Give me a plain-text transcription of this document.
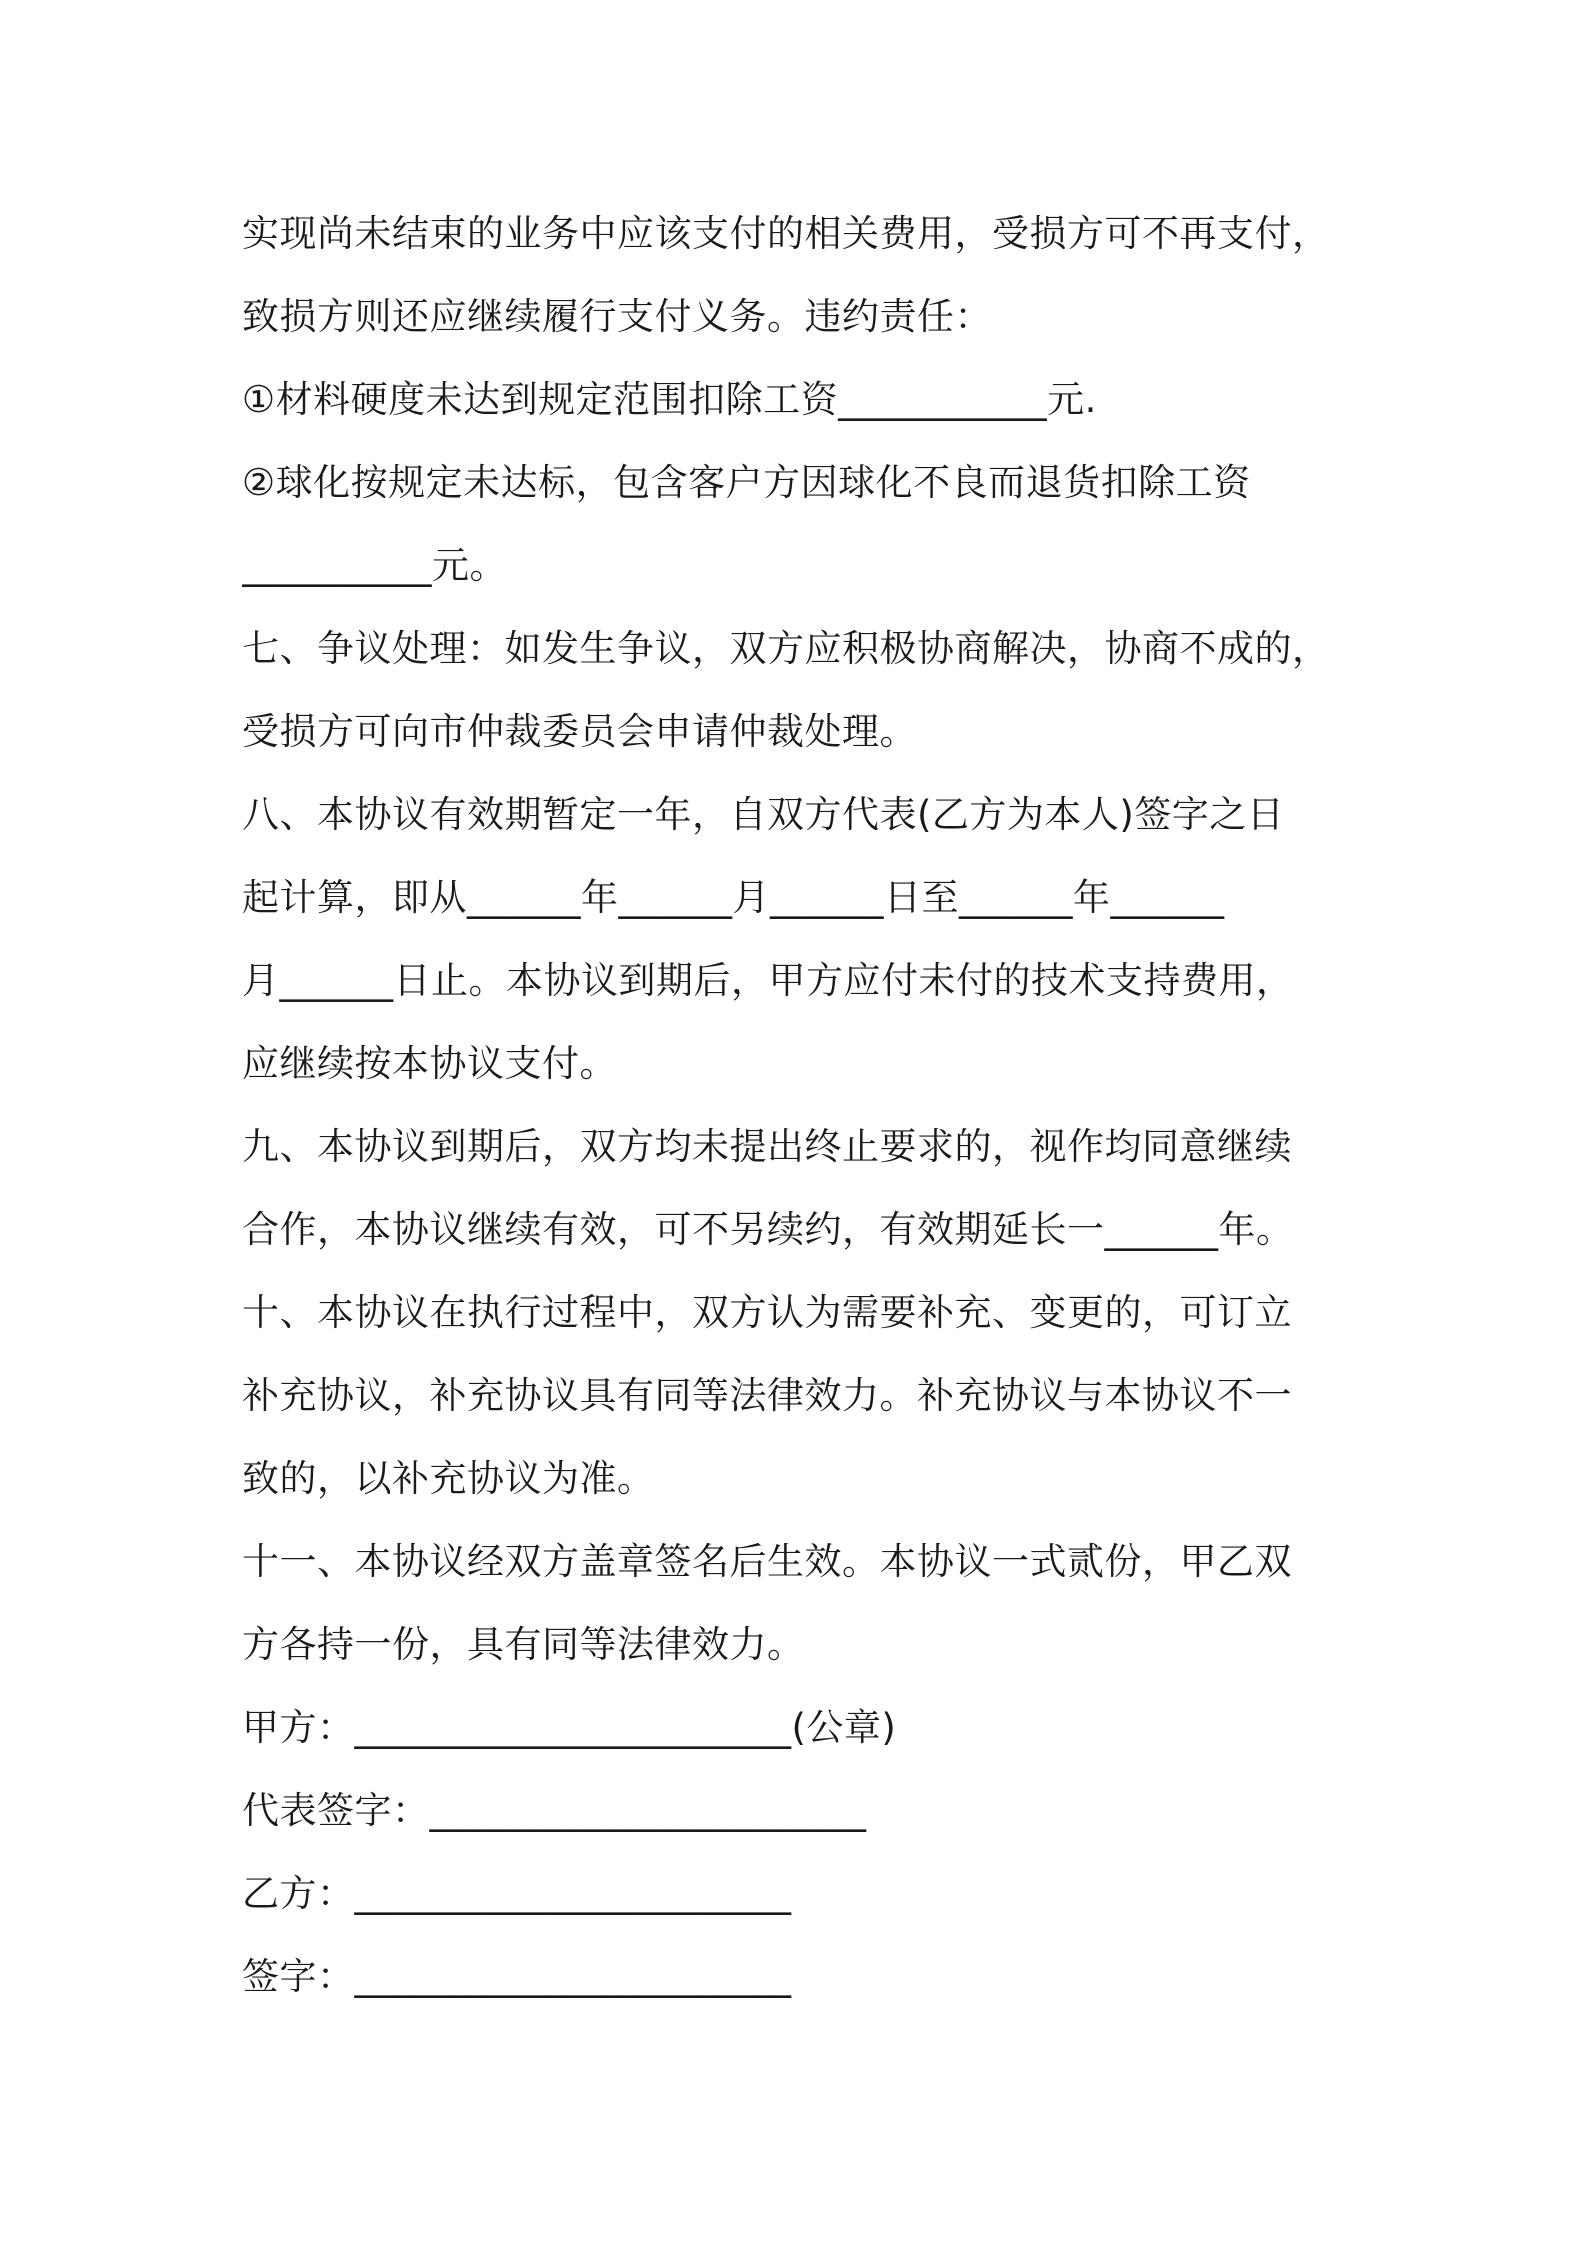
实现尚未结束的业务中应该支付的相关费用，受损方可不再支付，
致损方则还应继续履行支付义务。违约责任：
①材料硬度未达到规定范围扣除工资___________元.
②球化按规定未达标，包含客户方因球化不良而退货扣除工资
__________元。
七、争议处理：如发生争议，双方应积极协商解决，协商不成的，
受损方可向市仲裁委员会申请仲裁处理。
八、本协议有效期暂定一年，自双方代表(乙方为本人)签字之日
起计算，即从______年______月______日至______年______
月______日止。本协议到期后，甲方应付未付的技术支持费用，
应继续按本协议支付。
九、本协议到期后，双方均未提出终止要求的，视作均同意继续
合作，本协议继续有效，可不另续约，有效期延长一______年。
十、本协议在执行过程中，双方认为需要补充、变更的，可订立
补充协议，补充协议具有同等法律效力。补充协议与本协议不一
致的，以补充协议为准。
十一、本协议经双方盖章签名后生效。本协议一式贰份，甲乙双
方各持一份，具有同等法律效力。
甲方：_______________________(公章)
代表签字：_______________________
乙方：_______________________
签字：_______________________
